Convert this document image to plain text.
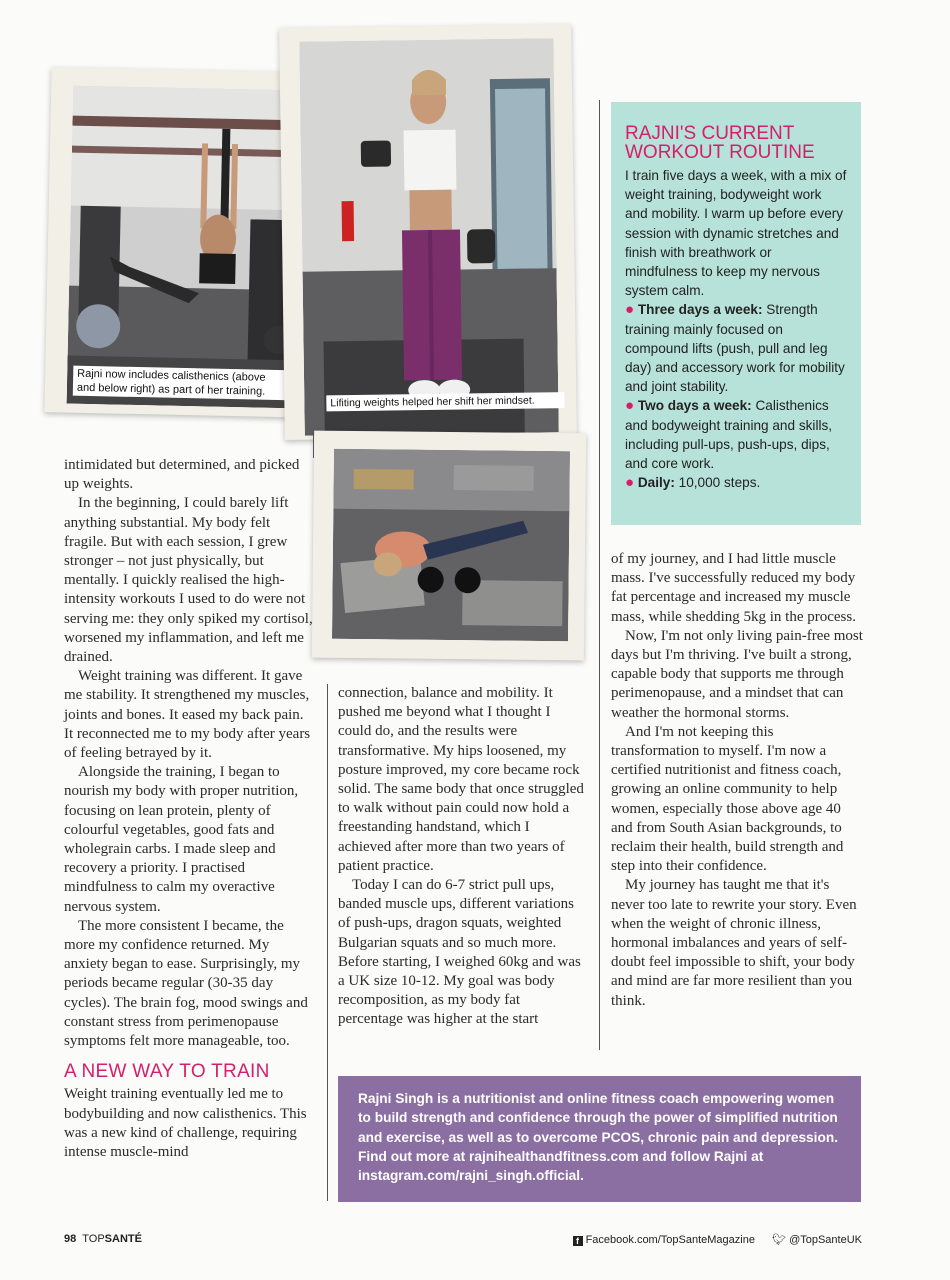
Rajni now includes calisthenics (above and below right) as part of her training.
Lifiting weights helped her shift her mindset.

intimidated but determined, and picked up weights.

In the beginning, I could barely lift anything substantial. My body felt fragile. But with each session, I grew stronger – not just physically, but mentally. I quickly realised the high-intensity workouts I used to do were not serving me: they only spiked my cortisol, worsened my inflammation, and left me drained.

Weight training was different. It gave me stability. It strengthened my muscles, joints and bones. It eased my back pain. It reconnected me to my body after years of feeling betrayed by it.

Alongside the training, I began to nourish my body with proper nutrition, focusing on lean protein, plenty of colourful vegetables, good fats and wholegrain carbs. I made sleep and recovery a priority. I practised mindfulness to calm my overactive nervous system.

The more consistent I became, the more my confidence returned. My anxiety began to ease. Surprisingly, my periods became regular (30-35 day cycles). The brain fog, mood swings and constant stress from perimenopause symptoms felt more manageable, too.

A NEW WAY TO TRAIN

Weight training eventually led me to bodybuilding and now calisthenics. This was a new kind of challenge, requiring intense muscle-mind

connection, balance and mobility. It pushed me beyond what I thought I could do, and the results were transformative. My hips loosened, my posture improved, my core became rock solid. The same body that once struggled to walk without pain could now hold a freestanding handstand, which I achieved after more than two years of patient practice.

Today I can do 6-7 strict pull ups, banded muscle ups, different variations of push-ups, dragon squats, weighted Bulgarian squats and so much more. Before starting, I weighed 60kg and was a UK size 10-12. My goal was body recomposition, as my body fat percentage was higher at the start

of my journey, and I had little muscle mass. I've successfully reduced my body fat percentage and increased my muscle mass, while shedding 5kg in the process.

Now, I'm not only living pain-free most days but I'm thriving. I've built a strong, capable body that supports me through perimenopause, and a mindset that can weather the hormonal storms.

And I'm not keeping this transformation to myself. I'm now a certified nutritionist and fitness coach, growing an online community to help women, especially those above age 40 and from South Asian backgrounds, to reclaim their health, build strength and step into their confidence.

My journey has taught me that it's never too late to rewrite your story. Even when the weight of chronic illness, hormonal imbalances and years of self-doubt feel impossible to shift, your body and mind are far more resilient than you think.

RAJNI'S CURRENT WORKOUT ROUTINE

I train five days a week, with a mix of weight training, bodyweight work and mobility. I warm up before every session with dynamic stretches and finish with breathwork or mindfulness to keep my nervous system calm.

● Three days a week: Strength training mainly focused on compound lifts (push, pull and leg day) and accessory work for mobility and joint stability.

● Two days a week: Calisthenics and bodyweight training and skills, including pull-ups, push-ups, dips, and core work.

● Daily: 10,000 steps.

Rajni Singh is a nutritionist and online fitness coach empowering women to build strength and confidence through the power of simplified nutrition and exercise, as well as to overcome PCOS, chronic pain and depression. Find out more at rajnihealthandfitness.com and follow Rajni at instagram.com/rajni_singh.official.
98 TOPSANTÉ	f Facebook.com/TopSanteMagazine 🐦︎ @TopSanteUK
